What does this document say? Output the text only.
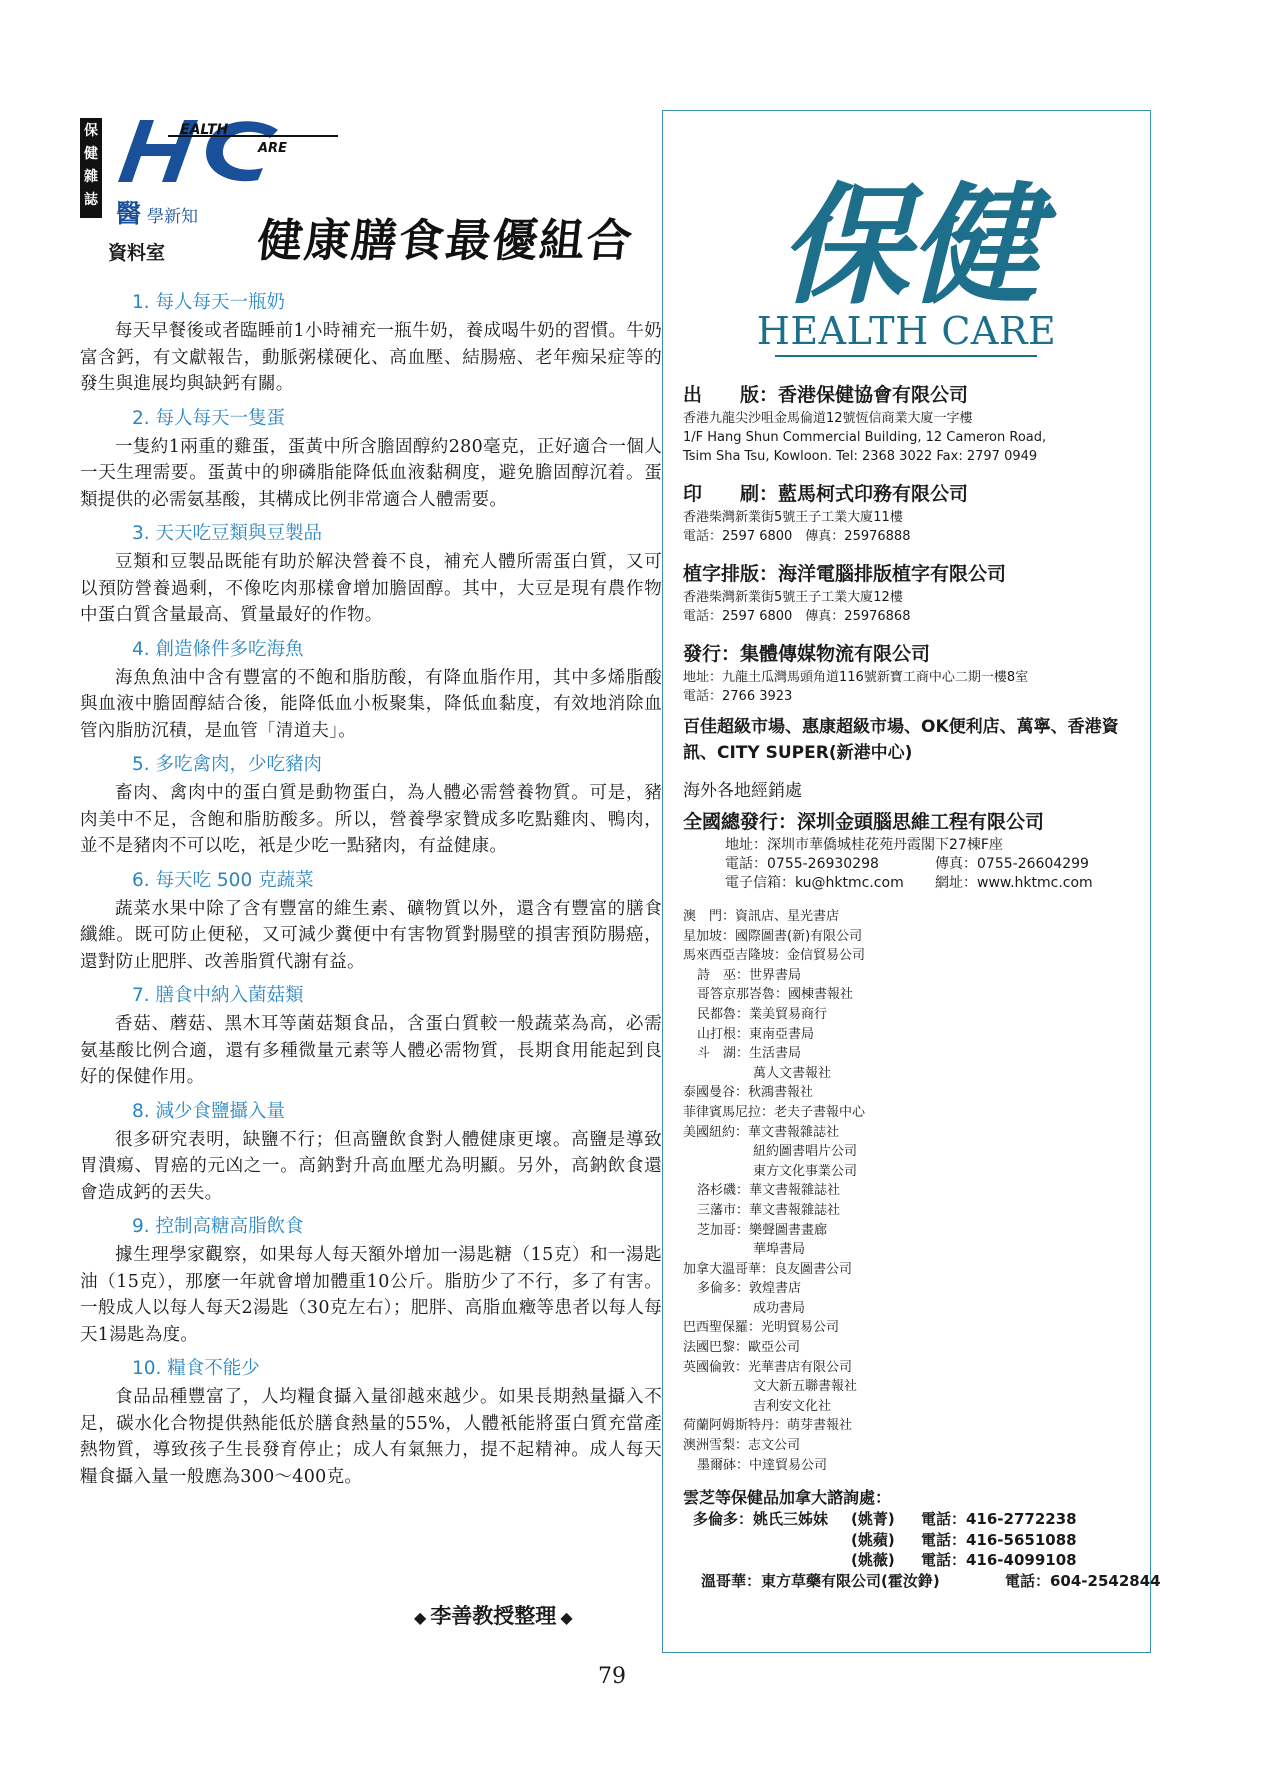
保健雜誌
EALTH
ARE
醫 學新知
資料室 健康膳食最優組合
1. 每人每天一瓶奶
每天早餐後或者臨睡前1小時補充一瓶牛奶，養成喝牛奶的習慣。牛奶富含鈣，有文獻報告，動脈粥樣硬化、高血壓、結腸癌、老年痴呆症等的發生與進展均與缺鈣有關。
2. 每人每天一隻蛋
一隻約1兩重的雞蛋，蛋黃中所含膽固醇約280毫克，正好適合一個人一天生理需要。蛋黃中的卵磷脂能降低血液黏稠度，避免膽固醇沉着。蛋類提供的必需氨基酸，其構成比例非常適合人體需要。
3. 天天吃豆類與豆製品
豆類和豆製品既能有助於解決營養不良，補充人體所需蛋白質，又可以預防營養過剩，不像吃肉那樣會增加膽固醇。其中，大豆是現有農作物中蛋白質含量最高、質量最好的作物。
4. 創造條件多吃海魚
海魚魚油中含有豐富的不飽和脂肪酸，有降血脂作用，其中多烯脂酸與血液中膽固醇結合後，能降低血小板聚集，降低血黏度，有效地消除血管內脂肪沉積，是血管「清道夫」。
5. 多吃禽肉，少吃豬肉
畜肉、禽肉中的蛋白質是動物蛋白，為人體必需營養物質。可是，豬肉美中不足，含飽和脂肪酸多。所以，營養學家贊成多吃點雞肉、鴨肉，並不是豬肉不可以吃，衹是少吃一點豬肉，有益健康。
6. 每天吃 500 克蔬菜
蔬菜水果中除了含有豐富的維生素、礦物質以外，還含有豐富的膳食纖維。既可防止便秘，又可減少糞便中有害物質對腸壁的損害預防腸癌，還對防止肥胖、改善脂質代謝有益。
7. 膳食中納入菌菇類
香菇、蘑菇、黑木耳等菌菇類食品，含蛋白質較一般蔬菜為高，必需氨基酸比例合適，還有多種微量元素等人體必需物質，長期食用能起到良好的保健作用。
8. 減少食鹽攝入量
很多研究表明，缺鹽不行；但高鹽飲食對人體健康更壞。高鹽是導致胃潰瘍、胃癌的元凶之一。高鈉對升高血壓尤為明顯。另外，高鈉飲食還會造成鈣的丟失。
9. 控制高糖高脂飲食
據生理學家觀察，如果每人每天額外增加一湯匙糖（15克）和一湯匙油（15克），那麼一年就會增加體重10公斤。脂肪少了不行，多了有害。一般成人以每人每天2湯匙（30克左右）；肥胖、高脂血癥等患者以每人每天1湯匙為度。
10. 糧食不能少
食品品種豐富了，人均糧食攝入量卻越來越少。如果長期熱量攝入不足，碳水化合物提供熱能低於膳食熱量的55%，人體衹能將蛋白質充當產熱物質，導致孩子生長發育停止；成人有氣無力，提不起精神。成人每天糧食攝入量一般應為300～400克。
◆ 李善教授整理 ◆
79
保健
HEALTH CARE
出　　版：香港保健協會有限公司
香港九龍尖沙咀金馬倫道12號恆信商業大廈一字樓
1/F Hang Shun Commercial Building, 12 Cameron Road,
Tsim Sha Tsu, Kowloon. Tel: 2368 3022 Fax: 2797 0949
印　　刷：藍馬柯式印務有限公司
香港柴灣新業街5號王子工業大廈11樓
電話：2597 6800　傳真：25976888
植字排版：海洋電腦排版植字有限公司
香港柴灣新業街5號王子工業大廈12樓
電話：2597 6800　傳真：25976868
發行：集體傳媒物流有限公司
地址：九龍土瓜灣馬頭角道116號新寶工商中心二期一樓8室
電話：2766 3923
百佳超級市場、惠康超級市場、OK便利店、萬寧、香港資訊、CITY SUPER(新港中心)
海外各地經銷處
全國總發行：深圳金頭腦思維工程有限公司
地址：深圳市華僑城桂花苑丹霞閣下27棟F座
電話：0755-26930298	傳真：0755-26604299
電子信箱：ku@hktmc.com 網址：www.hktmc.com
澳　門： 資訊店、星光書店
星加坡： 國際圖書(新)有限公司
馬來西亞吉隆坡： 金信貿易公司
詩　巫： 世界書局
哥答京那峇魯： 國棟書報社
民都魯： 業美貿易商行
山打根： 東南亞書局
斗　湖： 生活書局
萬人文書報社
泰國曼谷： 秋鴻書報社
菲律賓馬尼拉： 老夫子書報中心
美國紐約： 華文書報雜誌社
紐約圖書唱片公司
東方文化事業公司
洛杉磯： 華文書報雜誌社
三藩市： 華文書報雜誌社
芝加哥： 樂聲圖書畫廊
華埠書局
加拿大溫哥華： 良友圖書公司
多倫多： 敦煌書店
成功書局
巴西聖保羅： 光明貿易公司
法國巴黎： 歐亞公司
英國倫敦： 光華書店有限公司
文大新五聯書報社
吉利安文化社
荷蘭阿姆斯特丹： 萌芽書報社
澳洲雪梨： 志文公司
墨爾砵： 中達貿易公司
雲芝等保健品加拿大諮詢處：
多倫多：姚氏三姊妹 (姚菁) 電話：416-2772238
(姚蘋) 電話：416-5651088
(姚薇) 電話：416-4099108
溫哥華：東方草藥有限公司(霍汝錚)	電話：604-2542844
